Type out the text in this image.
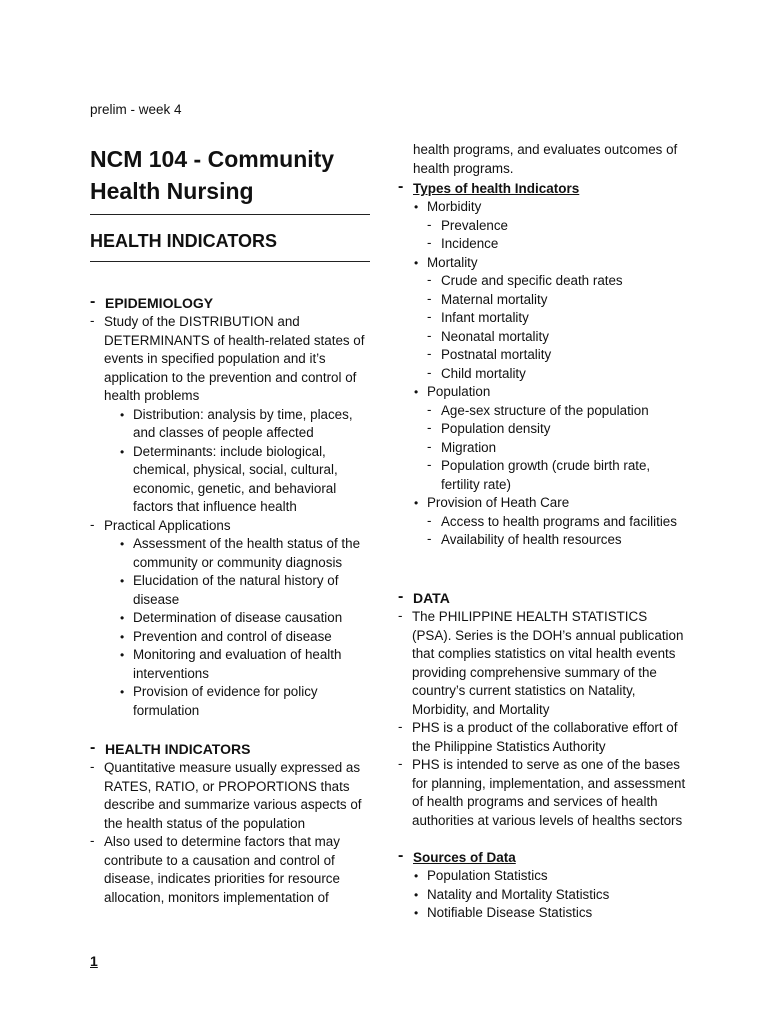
prelim - week 4
NCM 104 - Community Health Nursing
HEALTH INDICATORS
- EPIDEMIOLOGY
- Study of the DISTRIBUTION and DETERMINANTS of health-related states of events in specified population and it’s application to the prevention and control of health problems
• Distribution: analysis by time, places, and classes of people affected
• Determinants: include biological, chemical, physical, social, cultural, economic, genetic, and behavioral factors that influence health
- Practical Applications
• Assessment of the health status of the community or community diagnosis
• Elucidation of the natural history of disease
• Determination of disease causation
• Prevention and control of disease
• Monitoring and evaluation of health interventions
• Provision of evidence for policy formulation
- HEALTH INDICATORS
- Quantitative measure usually expressed as RATES, RATIO, or PROPORTIONS thats describe and summarize various aspects of the health status of the population
- Also used to determine factors that may contribute to a causation and control of disease, indicates priorities for resource allocation, monitors implementation of
health programs, and evaluates outcomes of health programs.
- Types of health Indicators
• Morbidity
- Prevalence
- Incidence
• Mortality
- Crude and specific death rates
- Maternal mortality
- Infant mortality
- Neonatal mortality
- Postnatal mortality
- Child mortality
• Population
- Age-sex structure of the population
- Population density
- Migration
- Population growth (crude birth rate, fertility rate)
• Provision of Heath Care
- Access to health programs and facilities
- Availability of health resources
- DATA
- The PHILIPPINE HEALTH STATISTICS (PSA). Series is the DOH’s annual publication that complies statistics on vital health events providing comprehensive summary of the country’s current statistics on Natality, Morbidity, and Mortality
- PHS is a product of the collaborative effort of the Philippine Statistics Authority
- PHS is intended to serve as one of the bases for planning, implementation, and assessment of health programs and services of health authorities at various levels of healths sectors
- Sources of Data
• Population Statistics
• Natality and Mortality Statistics
• Notifiable Disease Statistics
1
